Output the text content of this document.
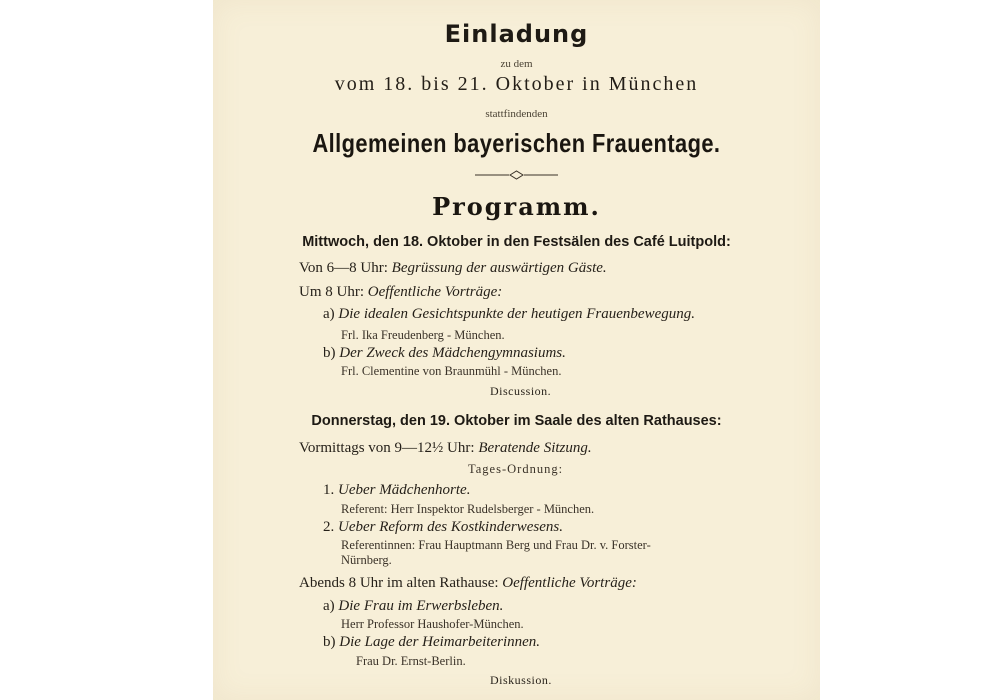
Einladung
zu dem
vom 18. bis 21. Oktober in München
stattfindenden
Allgemeinen bayerischen Frauentage.
Programm.
Mittwoch, den 18. Oktober in den Festsälen des Café Luitpold:
Von 6—8 Uhr: Begrüssung der auswärtigen Gäste.
Um 8 Uhr: Oeffentliche Vorträge:
a) Die idealen Gesichtspunkte der heutigen Frauenbewegung.
Frl. Ika Freudenberg - München.
b) Der Zweck des Mädchengymnasiums.
Frl. Clementine von Braunmühl - München.
Discussion.
Donnerstag, den 19. Oktober im Saale des alten Rathauses:
Vormittags von 9—12½ Uhr: Beratende Sitzung.
Tages-Ordnung:
1. Ueber Mädchenhorte.
Referent: Herr Inspektor Rudelsberger - München.
2. Ueber Reform des Kostkinderwesens.
Referentinnen: Frau Hauptmann Berg und Frau Dr. v. Forster-
Nürnberg.
Abends 8 Uhr im alten Rathause: Oeffentliche Vorträge:
a) Die Frau im Erwerbsleben.
Herr Professor Haushofer-München.
b) Die Lage der Heimarbeiterinnen.
Frau Dr. Ernst-Berlin.
Diskussion.
